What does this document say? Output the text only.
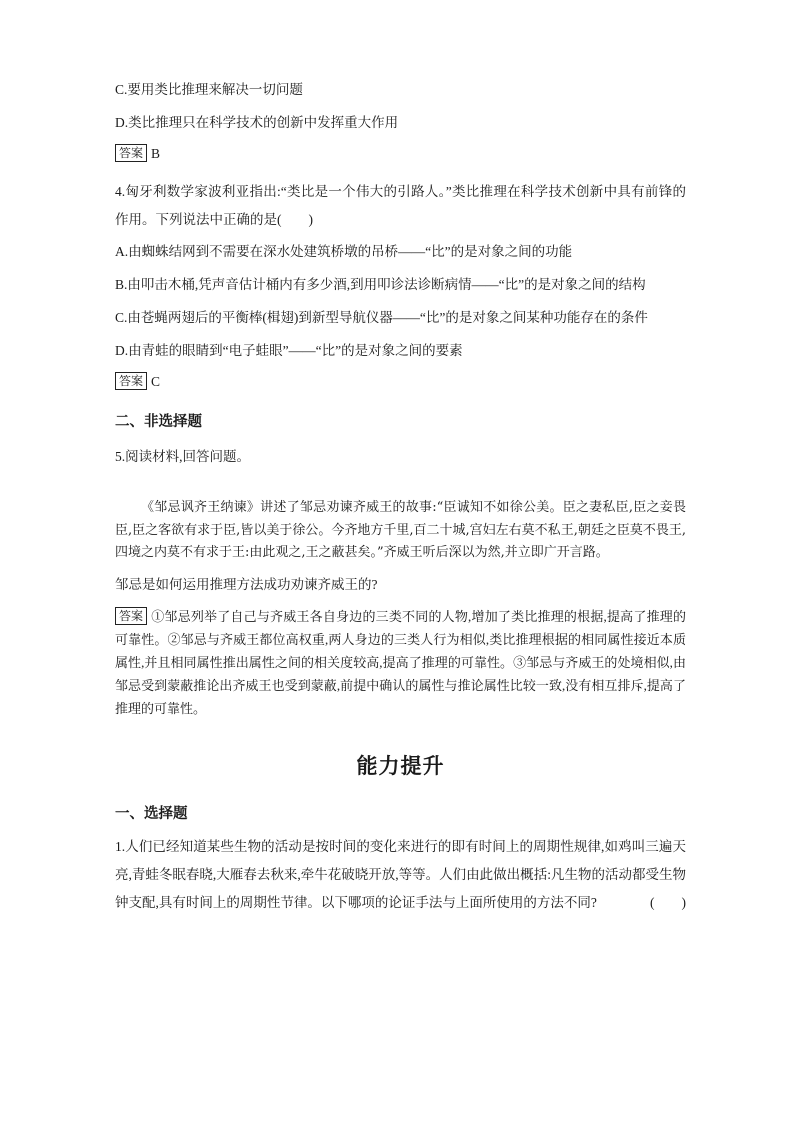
C.要用类比推理来解决一切问题

D.类比推理只在科学技术的创新中发挥重大作用

答案 B

4.匈牙利数学家波利亚指出:“类比是一个伟大的引路人。”类比推理在科学技术创新中具有前锋的作用。下列说法中正确的是(　　)

A.由蜘蛛结网到不需要在深水处建筑桥墩的吊桥——“比”的是对象之间的功能

B.由叩击木桶,凭声音估计桶内有多少酒,到用叩诊法诊断病情——“比”的是对象之间的结构

C.由苍蝇两翅后的平衡棒(楫翅)到新型导航仪器——“比”的是对象之间某种功能存在的条件

D.由青蛙的眼睛到“电子蛙眼”——“比”的是对象之间的要素

答案 C

二、非选择题

5.阅读材料,回答问题。

《邹忌讽齐王纳谏》讲述了邹忌劝谏齐威王的故事:“臣诚知不如徐公美。臣之妻私臣,臣之妾畏臣,臣之客欲有求于臣,皆以美于徐公。今齐地方千里,百二十城,宫妇左右莫不私王,朝廷之臣莫不畏王,四境之内莫不有求于王:由此观之,王之蔽甚矣。”齐威王听后深以为然,并立即广开言路。

邹忌是如何运用推理方法成功劝谏齐威王的?

答案 ①邹忌列举了自己与齐威王各自身边的三类不同的人物,增加了类比推理的根据,提高了推理的可靠性。②邹忌与齐威王都位高权重,两人身边的三类人行为相似,类比推理根据的相同属性接近本质属性,并且相同属性推出属性之间的相关度较高,提高了推理的可靠性。③邹忌与齐威王的处境相似,由邹忌受到蒙蔽推论出齐威王也受到蒙蔽,前提中确认的属性与推论属性比较一致,没有相互排斥,提高了推理的可靠性。

能力提升

一、选择题

1.人们已经知道某些生物的活动是按时间的变化来进行的即有时间上的周期性规律,如鸡叫三遍天亮,青蛙冬眠春晓,大雁春去秋来,牵牛花破晓开放,等等。人们由此做出概括:凡生物的活动都受生物钟支配,具有时间上的周期性节律。以下哪项的论证手法与上面所使用的方法不同?	(　　)
